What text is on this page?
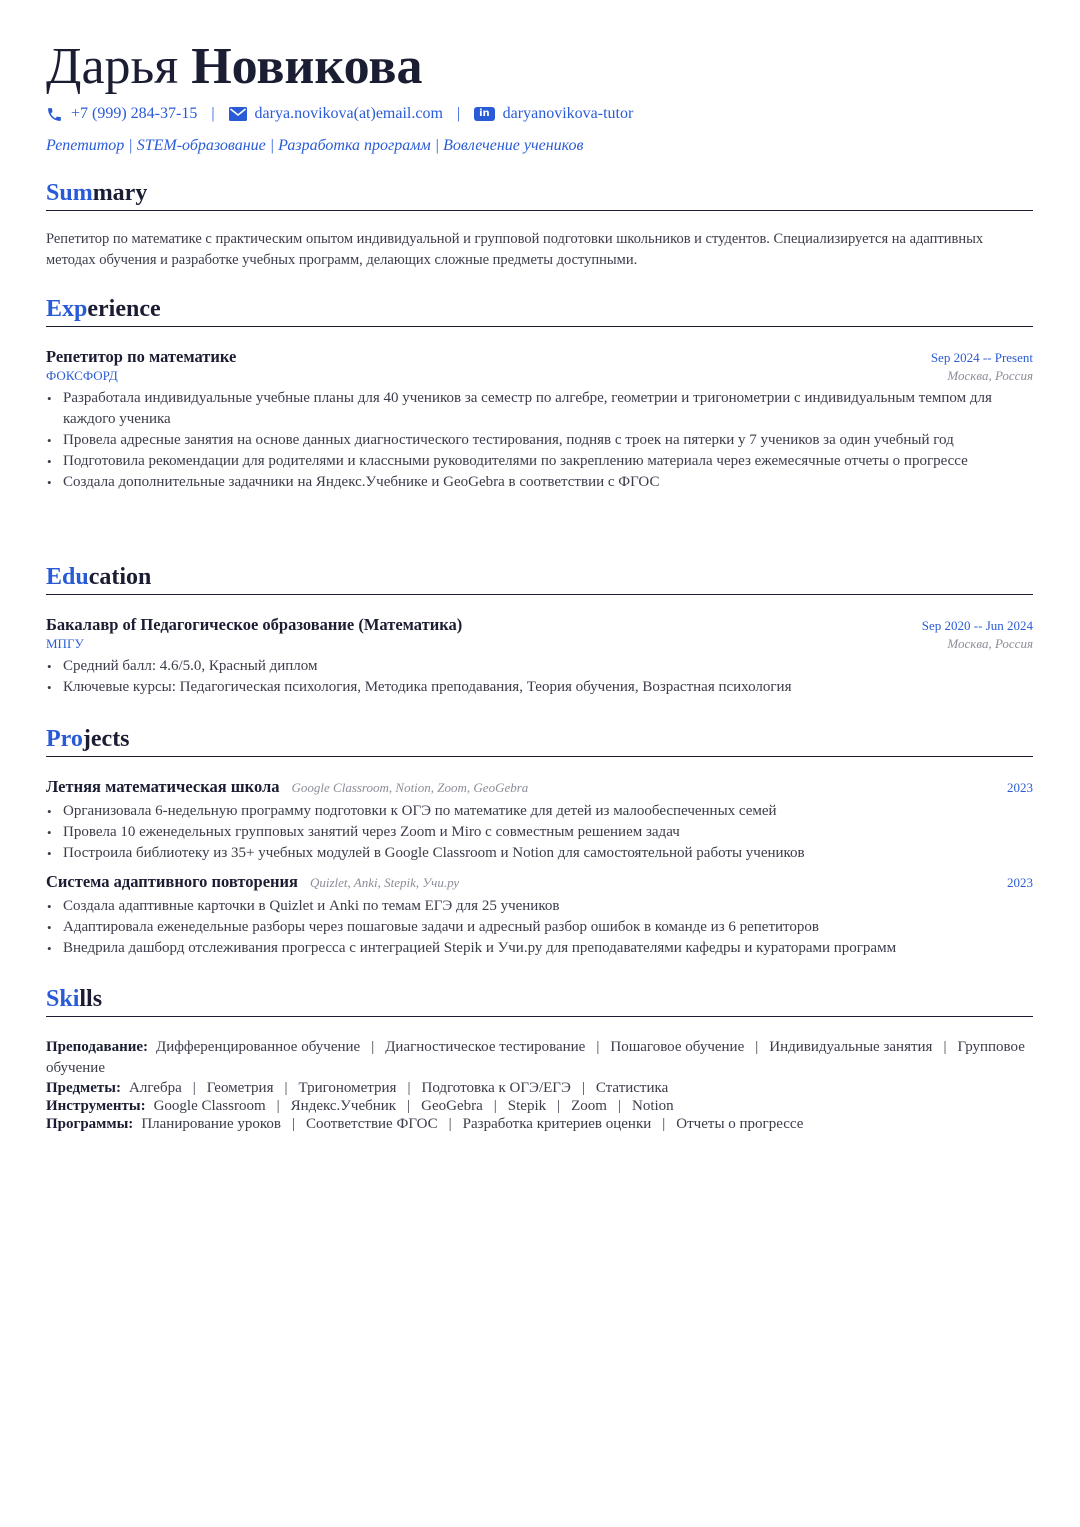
Дарья Новикова
+7 (999) 284-37-15 |	darya.novikova(at)email.com |	in daryanovikova-tutor
Репетитор | STEM-образование | Разработка программ | Вовлечение учеников
Summary
Репетитор по математике с практическим опытом индивидуальной и групповой подготовки школьников и студентов. Специализируется на адаптивных методах обучения и разработке учебных программ, делающих сложные предметы доступными.
Experience
Репетитор по математике	Sep 2024 -- Present
ФОКСФОРД	Москва, Россия
• Разработала индивидуальные учебные планы для 40 учеников за семестр по алгебре, геометрии и тригонометрии с индивидуальным темпом для каждого ученика
• Провела адресные занятия на основе данных диагностического тестирования, подняв с троек на пятерки у 7 учеников за один учебный год
• Подготовила рекомендации для родителями и классными руководителями по закреплению материала через ежемесячные отчеты о прогрессе
• Создала дополнительные задачники на Яндекс.Учебнике и GeoGebra в соответствии с ФГОС
Education
Бакалавр of Педагогическое образование (Математика)	Sep 2020 -- Jun 2024
МПГУ	Москва, Россия
• Средний балл: 4.6/5.0, Красный диплом
• Ключевые курсы: Педагогическая психология, Методика преподавания, Теория обучения, Возрастная психология
Projects
Летняя математическая школа Google Classroom, Notion, Zoom, GeoGebra	2023
• Организовала 6-недельную программу подготовки к ОГЭ по математике для детей из малообеспеченных семей
• Провела 10 еженедельных групповых занятий через Zoom и Miro с совместным решением задач
• Построила библиотеку из 35+ учебных модулей в Google Classroom и Notion для самостоятельной работы учеников
Система адаптивного повторения Quizlet, Anki, Stepik, Учи.ру	2023
• Создала адаптивные карточки в Quizlet и Anki по темам ЕГЭ для 25 учеников
• Адаптировала еженедельные разборы через пошаговые задачи и адресный разбор ошибок в команде из 6 репетиторов
• Внедрила дашборд отслеживания прогресса с интеграцией Stepik и Учи.ру для преподавателями кафедры и кураторами программ
Skills
Преподавание: Дифференцированное обучение | Диагностическое тестирование | Пошаговое обучение | Индивидуальные занятия | Групповое обучение
Предметы: Алгебра | Геометрия | Тригонометрия | Подготовка к ОГЭ/ЕГЭ | Статистика
Инструменты: Google Classroom | Яндекс.Учебник | GeoGebra | Stepik | Zoom | Notion
Программы: Планирование уроков | Соответствие ФГОС | Разработка критериев оценки | Отчеты о прогрессе
